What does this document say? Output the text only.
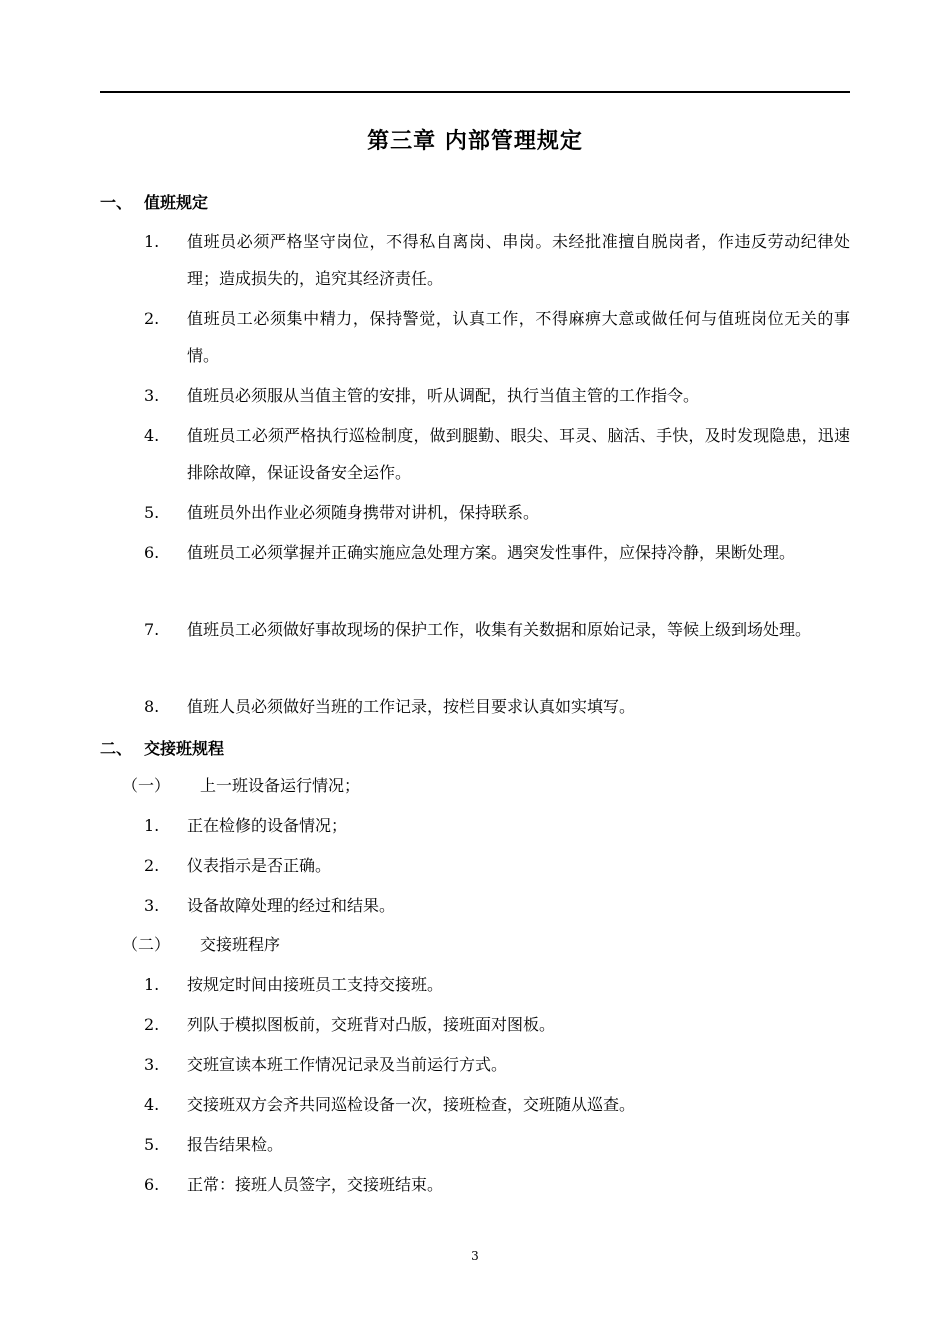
第三章 内部管理规定
一、 值班规定
1.	值班员必须严格坚守岗位，不得私自离岗、串岗。未经批准擅自脱岗者，作违反劳动纪律处理；造成损失的，追究其经济责任。
2.	值班员工必须集中精力，保持警觉，认真工作，不得麻痹大意或做任何与值班岗位无关的事情。
3.	值班员必须服从当值主管的安排，听从调配，执行当值主管的工作指令。
4.	值班员工必须严格执行巡检制度，做到腿勤、眼尖、耳灵、脑活、手快，及时发现隐患，迅速排除故障，保证设备安全运作。
5.	值班员外出作业必须随身携带对讲机，保持联系。
6.	值班员工必须掌握并正确实施应急处理方案。遇突发性事件，应保持冷静，果断处理。
7.	值班员工必须做好事故现场的保护工作，收集有关数据和原始记录，等候上级到场处理。
8.	值班人员必须做好当班的工作记录，按栏目要求认真如实填写。
二、 交接班规程
（一） 上一班设备运行情况；
1.	正在检修的设备情况；
2.	仪表指示是否正确。
3.	设备故障处理的经过和结果。
（二） 交接班程序
1.	按规定时间由接班员工支持交接班。
2.	列队于模拟图板前，交班背对凸版，接班面对图板。
3.	交班宣读本班工作情况记录及当前运行方式。
4.	交接班双方会齐共同巡检设备一次，接班检查，交班随从巡查。
5.	报告结果检。
6.	正常：接班人员签字，交接班结束。
3
